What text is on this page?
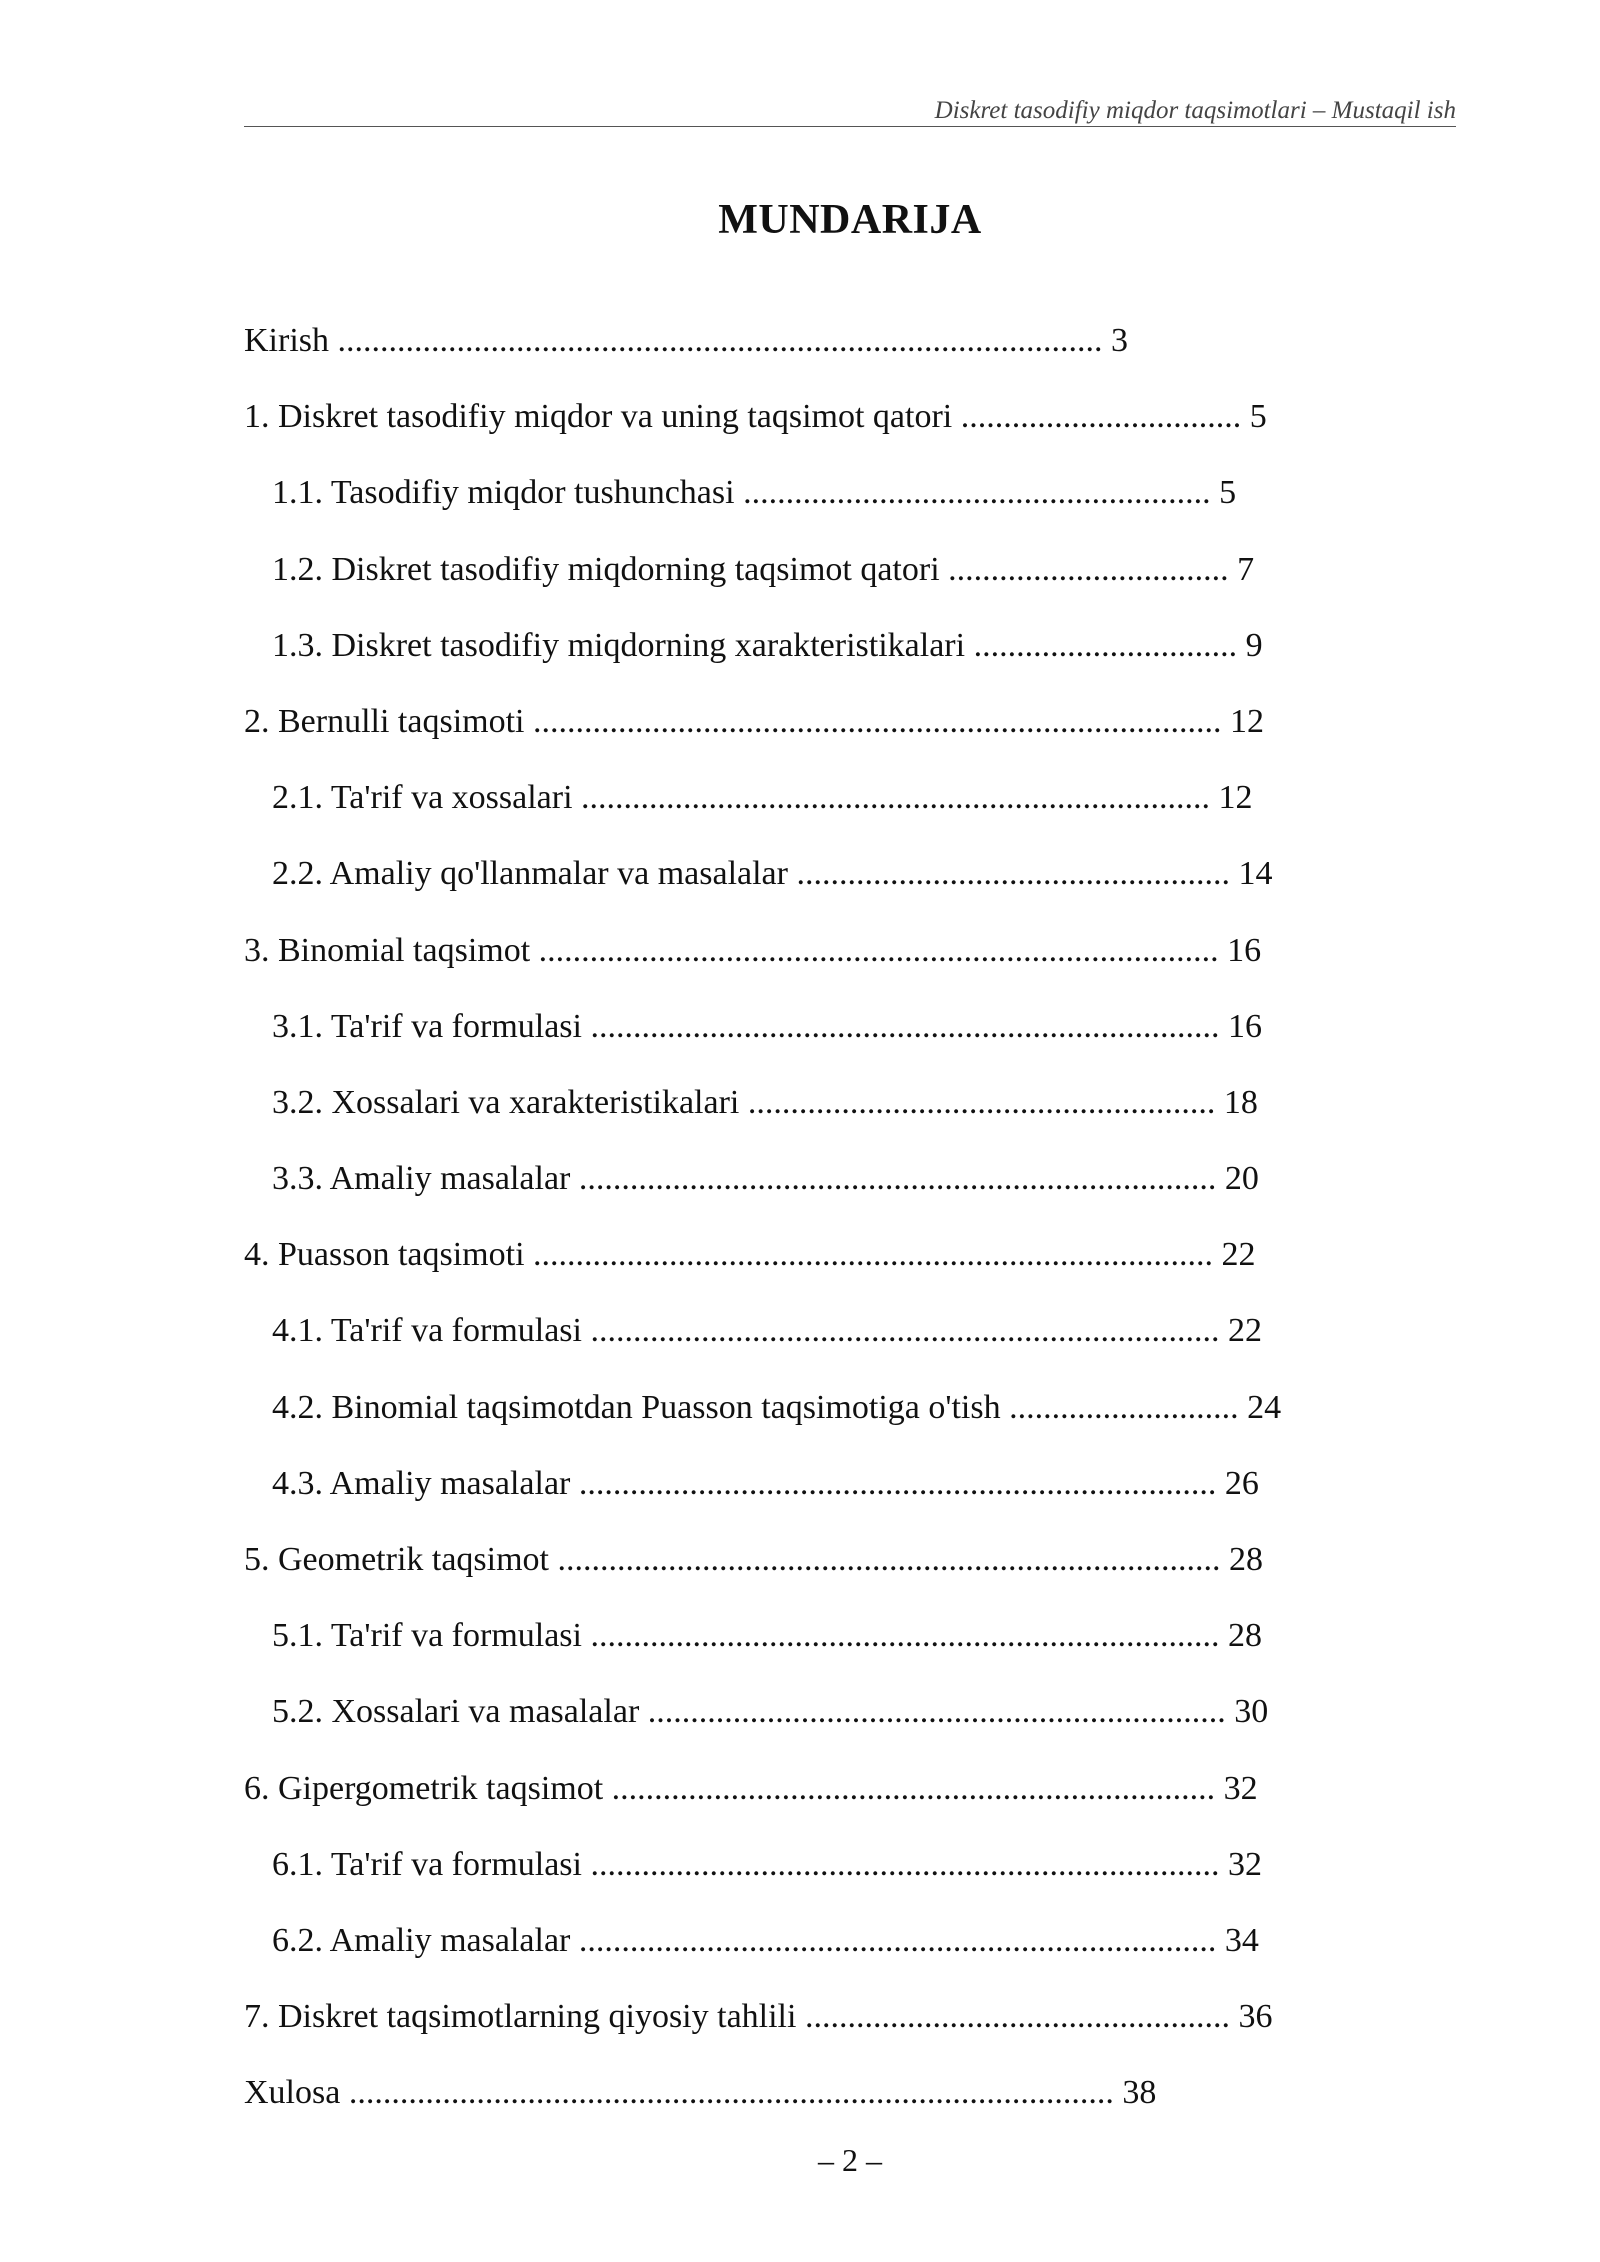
Diskret tasodifiy miqdor taqsimotlari – Mustaqil ish
MUNDARIJA
Kirish .......................................................................................... 3
1. Diskret tasodifiy miqdor va uning taqsimot qatori ................................. 5
1.1. Tasodifiy miqdor tushunchasi ....................................................... 5
1.2. Diskret tasodifiy miqdorning taqsimot qatori ................................. 7
1.3. Diskret tasodifiy miqdorning xarakteristikalari ............................... 9
2. Bernulli taqsimoti ................................................................................. 12
2.1. Ta'rif va xossalari .......................................................................... 12
2.2. Amaliy qo'llanmalar va masalalar ................................................... 14
3. Binomial taqsimot ................................................................................ 16
3.1. Ta'rif va formulasi .......................................................................... 16
3.2. Xossalari va xarakteristikalari ....................................................... 18
3.3. Amaliy masalalar ........................................................................... 20
4. Puasson taqsimoti ................................................................................ 22
4.1. Ta'rif va formulasi .......................................................................... 22
4.2. Binomial taqsimotdan Puasson taqsimotiga o'tish ........................... 24
4.3. Amaliy masalalar ........................................................................... 26
5. Geometrik taqsimot .............................................................................. 28
5.1. Ta'rif va formulasi .......................................................................... 28
5.2. Xossalari va masalalar .................................................................... 30
6. Gipergometrik taqsimot ....................................................................... 32
6.1. Ta'rif va formulasi .......................................................................... 32
6.2. Amaliy masalalar ........................................................................... 34
7. Diskret taqsimotlarning qiyosiy tahlili .................................................. 36
Xulosa .......................................................................................... 38
– 2 –
